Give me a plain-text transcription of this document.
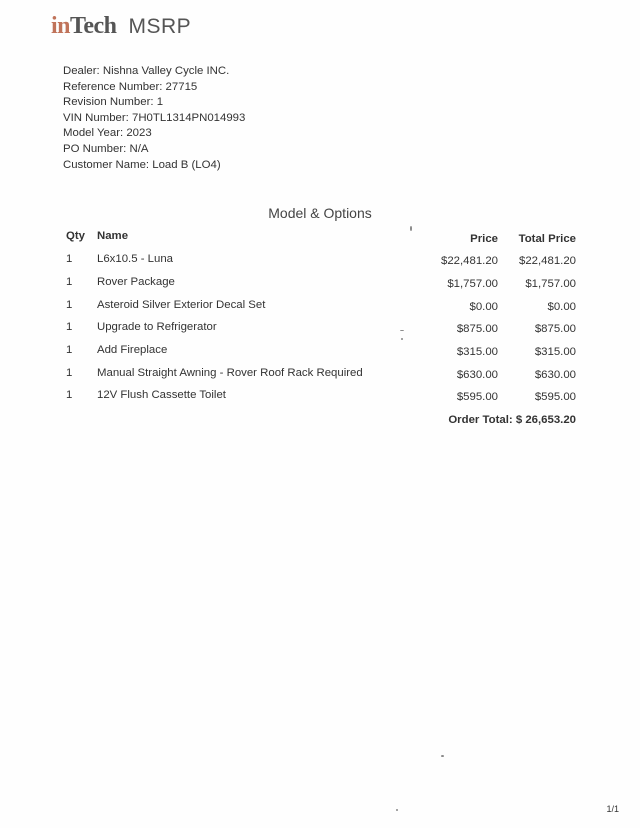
inTech MSRP
Dealer: Nishna Valley Cycle INC.
Reference Number: 27715
Revision Number: 1
VIN Number: 7H0TL1314PN014993
Model Year: 2023
PO Number: N/A
Customer Name: Load B (LO4)
Model & Options
Qty Name	Price Total Price
1 L6x10.5 - Luna	$22,481.20 $22,481.20
1 Rover Package	$1,757.00 $1,757.00
1 Asteroid Silver Exterior Decal Set	$0.00	$0.00
1 Upgrade to Refrigerator	$875.00	$875.00
1 Add Fireplace	$315.00	$315.00
1 Manual Straight Awning - Rover Roof Rack Required	$630.00	$630.00
1 12V Flush Cassette Toilet	$595.00	$595.00
Order Total: $ 26,653.20
1/1
